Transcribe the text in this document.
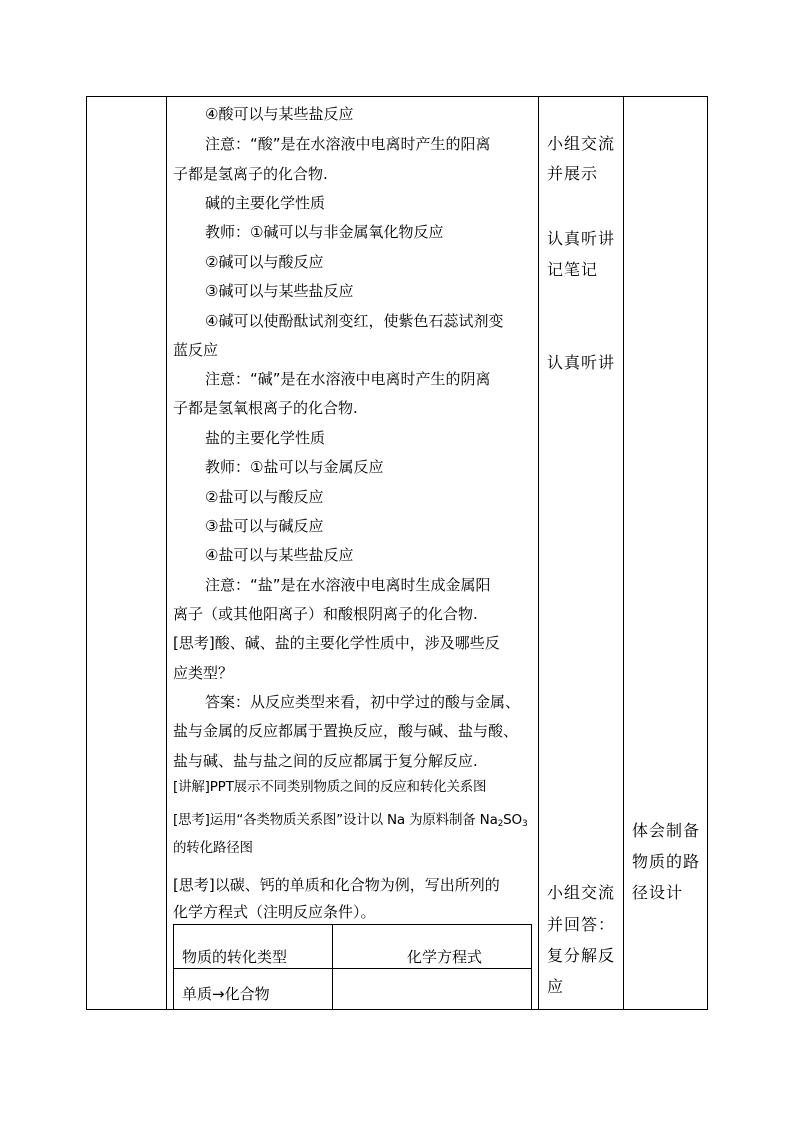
④酸可以与某些盐反应
注意：“酸”是在水溶液中电离时产生的阳离
子都是氢离子的化合物.
碱的主要化学性质
教师：①碱可以与非金属氧化物反应
②碱可以与酸反应
③碱可以与某些盐反应
④碱可以使酚酞试剂变红，使紫色石蕊试剂变
蓝反应
注意：“碱”是在水溶液中电离时产生的阴离
子都是氢氧根离子的化合物.
盐的主要化学性质
教师：①盐可以与金属反应
②盐可以与酸反应
③盐可以与碱反应
④盐可以与某些盐反应
注意：“盐”是在水溶液中电离时生成金属阳
离子（或其他阳离子）和酸根阴离子的化合物.
[思考]酸、碱、盐的主要化学性质中，涉及哪些反
应类型？
答案：从反应类型来看，初中学过的酸与金属、
盐与金属的反应都属于置换反应，酸与碱、盐与酸、
盐与碱、盐与盐之间的反应都属于复分解反应.
[讲解]PPT展示不同类别物质之间的反应和转化关系图
[思考]运用“各类物质关系图”设计以 Na 为原料制备 $Na_2SO_3$
的转化路径图
[思考]以碳、钙的单质和化合物为例，写出所列的
化学方程式（注明反应条件）。
物质的转化类型	化学方程式
单质→化合物
小组交流
并展示
认真听讲
记笔记
认真听讲
小组交流
并回答：
复分解反
应
体会制备
物质的路
径设计
